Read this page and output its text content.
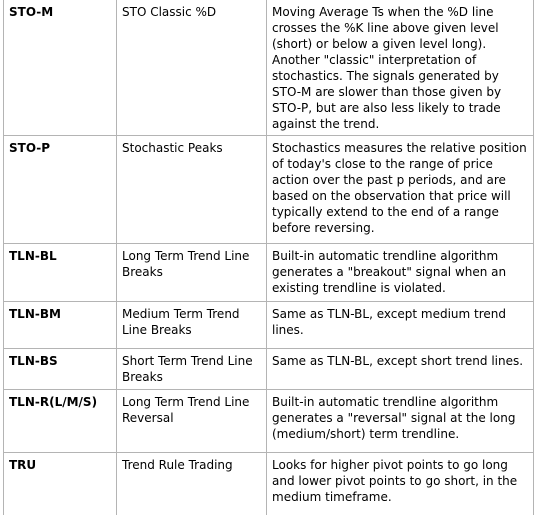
STO-M	STO Classic %D	Moving Average Ts when the %D line crosses the %K line above given level (short) or below a given level long). Another "classic" interpretation of stochastics. The signals generated by STO-M are slower than those given by STO-P, but are also less likely to trade against the trend.
STO-P	Stochastic Peaks	Stochastics measures the relative position of today's close to the range of price action over the past p periods, and are based on the observation that price will typically extend to the end of a range before reversing.
TLN-BL	Long Term Trend Line Breaks	Built-in automatic trendline algorithm generates a "breakout" signal when an existing trendline is violated.
TLN-BM	Medium Term Trend Line Breaks	Same as TLN-BL, except medium trend lines.
TLN-BS	Short Term Trend Line Breaks	Same as TLN-BL, except short trend lines.
TLN-R(L/M/S)	Long Term Trend Line Reversal	Built-in automatic trendline algorithm generates a "reversal" signal at the long (medium/short) term trendline.
TRU	Trend Rule Trading	Looks for higher pivot points to go long and lower pivot points to go short, in the medium timeframe.
